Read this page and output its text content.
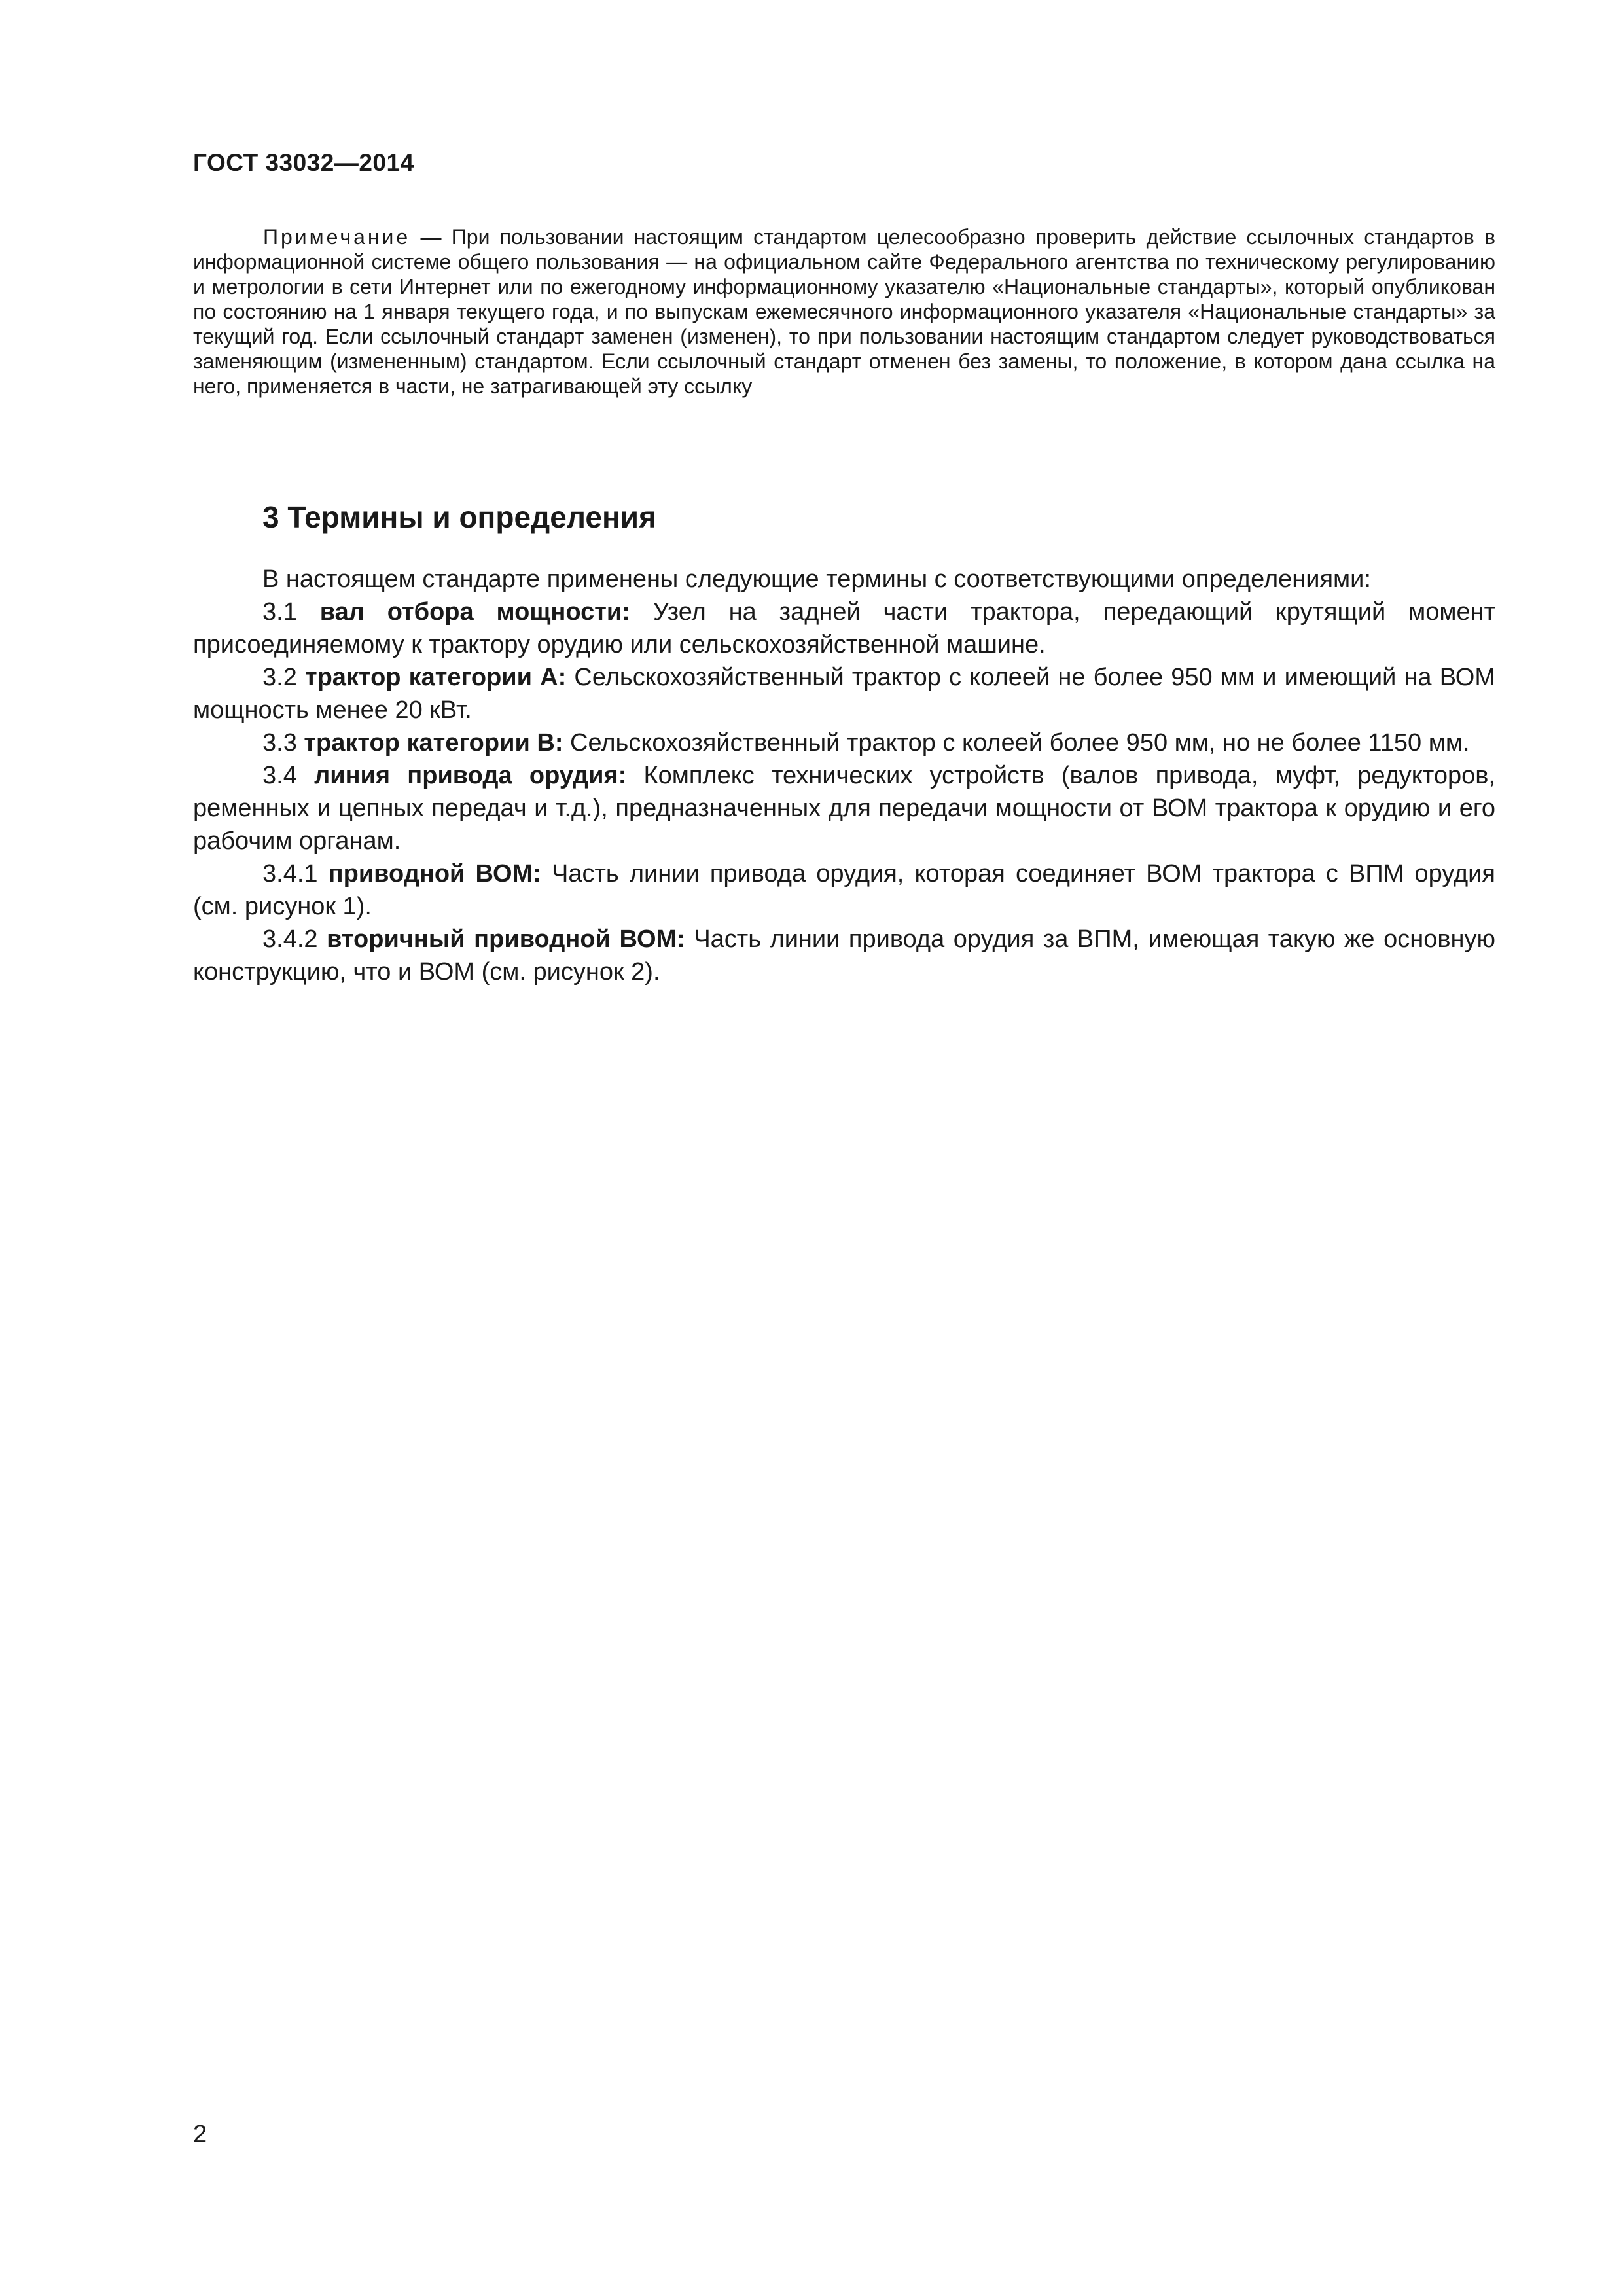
ГОСТ 33032—2014
Примечание — При пользовании настоящим стандартом целесообразно проверить действие ссылочных стандартов в информационной системе общего пользования — на официальном сайте Федерального агентства по техническому регулированию и метрологии в сети Интернет или по ежегодному информационному указателю «Национальные стандарты», который опубликован по состоянию на 1 января текущего года, и по выпускам ежемесячного информационного указателя «Национальные стандарты» за текущий год. Если ссылочный стандарт заменен (изменен), то при пользовании настоящим стандартом следует руководствоваться заменяющим (измененным) стандартом. Если ссылочный стандарт отменен без замены, то положение, в котором дана ссылка на него, применяется в части, не затрагивающей эту ссылку
3 Термины и определения

В настоящем стандарте применены следующие термины с соответствующими определениями:

3.1 вал отбора мощности: Узел на задней части трактора, передающий крутящий момент присоединяемому к трактору орудию или сельскохозяйственной машине.

3.2 трактор категории А: Сельскохозяйственный трактор с колеей не более 950 мм и имеющий на ВОМ мощность менее 20 кВт.

3.3 трактор категории В: Сельскохозяйственный трактор с колеей более 950 мм, но не более 1150 мм.

3.4 линия привода орудия: Комплекс технических устройств (валов привода, муфт, редукторов, ременных и цепных передач и т.д.), предназначенных для передачи мощности от ВОМ трактора к орудию и его рабочим органам.

3.4.1 приводной ВОМ: Часть линии привода орудия, которая соединяет ВОМ трактора с ВПМ орудия (см. рисунок 1).

3.4.2 вторичный приводной ВОМ: Часть линии привода орудия за ВПМ, имеющая такую же основную конструкцию, что и ВОМ (см. рисунок 2).

2
